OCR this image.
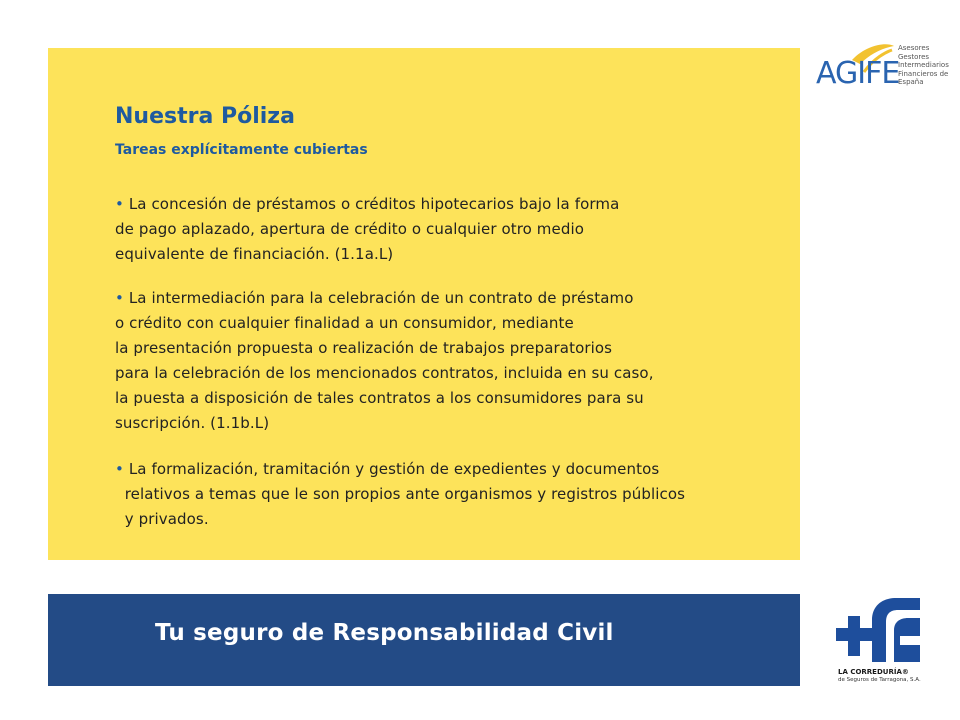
Nuestra Póliza
Tareas explícitamente cubiertas

• La concesión de préstamos o créditos hipotecarios bajo la forma
de pago aplazado, apertura de crédito o cualquier otro medio
equivalente de financiación. (1.1a.L)

• La intermediación para la celebración de un contrato de préstamo
o crédito con cualquier finalidad a un consumidor, mediante
la presentación propuesta o realización de trabajos preparatorios
para la celebración de los mencionados contratos, incluida en su caso,
la puesta a disposición de tales contratos a los consumidores para su
suscripción. (1.1b.L)

• La formalización, tramitación y gestión de expedientes y documentos
relativos a temas que le son propios ante organismos y registros públicos
y privados.

Tu seguro de Responsabilidad Civil

AGIFE

Asesores
Gestores
Intermediarios
Financieros de
España

LA CORREDURÍA®

de Seguros de Tarragona, S.A.
